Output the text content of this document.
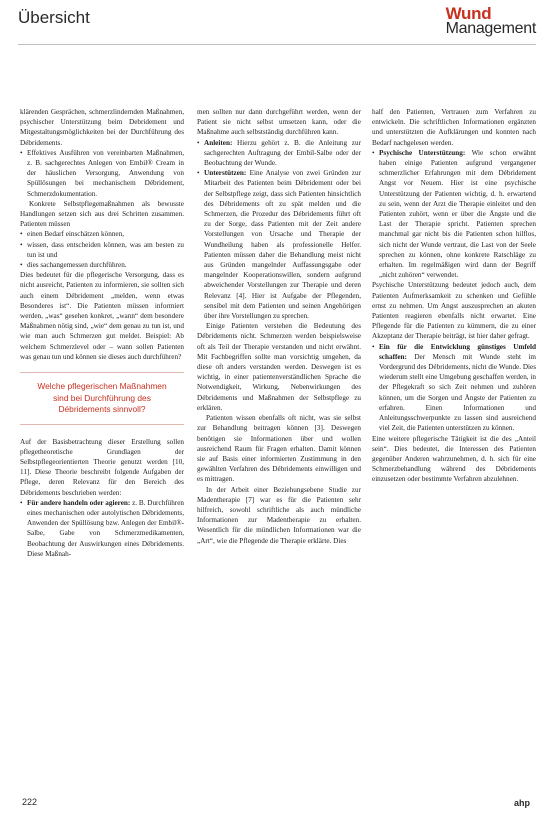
Übersicht	Wund
Management

klärenden Gesprächen, schmerzlindernden Maßnahmen, psychischer Unterstützung beim Debridement und Mitgestaltungsmöglichkeiten bei der Durchführung des Débridements.

• Effektives Ausführen von vereinbarten Maßnahmen, z. B. sachgerechtes Anlegen von Embil® Cream in der häuslichen Versorgung, Anwendung von Spüllösungen bei mechanischem Débridement, Schmerzdokumentation.

Konkrete Selbstpflegemaßnahmen als bewusste Handlungen setzen sich aus drei Schritten zusammen. Patienten müssen

• einen Bedarf einschätzen können,
• wissen, dass entscheiden können, was am besten zu tun ist und
• dies sachangemessen durchführen.

Dies bedeutet für die pflegerische Versorgung, dass es nicht ausreicht, Patienten zu informieren, sie sollten sich auch einem Débridement „melden, wenn etwas Besonderes ist“. Die Patienten müssen informiert werden, „was“ gesehen konkret, „wann“ dem besondere Maßnahmen nötig sind, „wie“ dem genau zu tun ist, und wie man auch Schmerzen gut meldet. Beispiel: Ab welchem Schmerzlevel oder – wann sollen Patienten was genau tun und können sie dieses auch durchführen?

Welche pflegerischen Maßnahmen sind bei Durchführung des Débridements sinnvoll?

Auf der Basisbetrachtung dieser Erstellung sollen pflegetheoretische Grundlagen der Selbstpflegeorientierten Theorie genutzt werden [10, 11]. Diese Theorie beschreibt folgende Aufgaben der Pflege, deren Relevanz für den Bereich des Débridements beschrieben werden:

• Für andere handeln oder agieren: z. B. Durchführen eines mechanischen oder autolytischen Débridements, Anwenden der Spüllösung bzw. Anlegen der Embil®-Salbe, Gabe von Schmerzmedikamenten, Beobachtung der Auswirkungen eines Débridements. Diese Maßnah-

men sollten nur dann durchgeführt werden, wenn der Patient sie nicht selbst umsetzen kann, oder die Maßnahme auch selbstständig durchführen kann.

• Anleiten: Hierzu gehört z. B. die Anleitung zur sachgerechten Auftragung der Embil-Salbe oder der Beobachtung der Wunde.
• Unterstützen: Eine Analyse von zwei Gründen zur Mitarbeit des Patienten beim Débridement oder bei der Selbstpflege zeigt, dass sich Patienten hinsichtlich des Débridements oft zu spät melden und die Schmerzen, die Prozedur des Débridements führt oft zu der Sorge, dass Patienten mit der Zeit andere Vorstellungen von Ursache und Therapie der Wundheilung haben als professionelle Helfer. Patienten müssen daher die Behandlung meist nicht aus Gründen mangelnder Auffassungsgabe oder mangelnder Kooperationswillen, sondern aufgrund abweichender Vorstellungen zur Therapie und deren Relevanz [4]. Hier ist Aufgabe der Pflegenden, sensibel mit dem Patienten und seinen Angehörigen über ihre Vorstellungen zu sprechen.

Einige Patienten verstehen die Bedeutung des Débridements nicht. Schmerzen werden beispielsweise oft als Teil der Therapie verstanden und nicht erwähnt. Mit Fachbegriffen sollte man vorsichtig umgehen, da diese oft anders verstanden werden. Deswegen ist es wichtig, in einer patientenverständlichen Sprache die Notwendigkeit, Wirkung, Nebenwirkungen des Débridements und Maßnahmen der Selbstpflege zu erklären.

Patienten wissen ebenfalls oft nicht, was sie selbst zur Behandlung beitragen können [3]. Deswegen benötigen sie Informationen über und wollen ausreichend Raum für Fragen erhalten. Damit können sie auf Basis einer informierten Zustimmung in den gewählten Verfahren des Débridements einwilligen und es mittragen.

In der Arbeit einer Beziehungsebene Studie zur Madentherapie [7] war es für die Patienten sehr hilfreich, sowohl schriftliche als auch mündliche Informationen zur Madentherapie zu erhalten. Wesentlich für die mündlichen Informationen war die „Art“, wie die Pflegende die Therapie erklärte. Dies

half den Patienten, Vertrauen zum Verfahren zu entwickeln. Die schriftlichen Informationen ergänzten und unterstützten die Aufklärungen und konnten nach Bedarf nachgelesen werden.

• Psychische Unterstützung: Wie schon erwähnt haben einige Patienten aufgrund vergangener schmerzlicher Erfahrungen mit dem Débridement Angst vor Neuem. Hier ist eine psychische Unterstützung der Patienten wichtig, d. h. erwartend zu sein, wenn der Arzt die Therapie einleitet und den Patienten zuhört, wenn er über die Ängste und die Last der Therapie spricht. Patienten sprechen manchmal gar nicht bis die Patienten schon hilflos, sich nicht der Wunde vertraut, die Last von der Seele sprechen zu können, ohne konkrete Ratschläge zu erhalten. Im regelmäßigen wird dann der Begriff „nicht zuhören“ verwendet.

Psychische Unterstützung bedeutet jedoch auch, dem Patienten Aufmerksamkeit zu schenken und Gefühle ernst zu nehmen. Um Angst auszusprechen an akuten Patienten reagieren ebenfalls nicht erwartet. Eine Pflegende für die Patienten zu kümmern, die zu einer Akzeptanz der Therapie beiträgt, ist hier daher gefragt.

• Ein für die Entwicklung günstiges Umfeld schaffen: Der Mensch mit Wunde steht im Vordergrund des Débridements, nicht die Wunde. Dies wiederum stellt eine Umgebung geschaffen werden, in der Pflegekraft so sich Zeit nehmen und zuhören können, um die Sorgen und Ängste der Patienten zu erfahren. Einen Informationen und Anleitungsschwerpunkte zu lassen sind ausreichend viel Zeit, die Patienten unterstützen zu können.

Eine weitere pflegerische Tätigkeit ist die des „Anteil sein“. Dies bedeutet, die Interessen des Patienten gegenüber Anderen wahrzunehmen, d. h. sich für eine Schmerzbehandlung während des Débridements einzusetzen oder bestimmte Verfahren abzulehnen.

222	ahp
